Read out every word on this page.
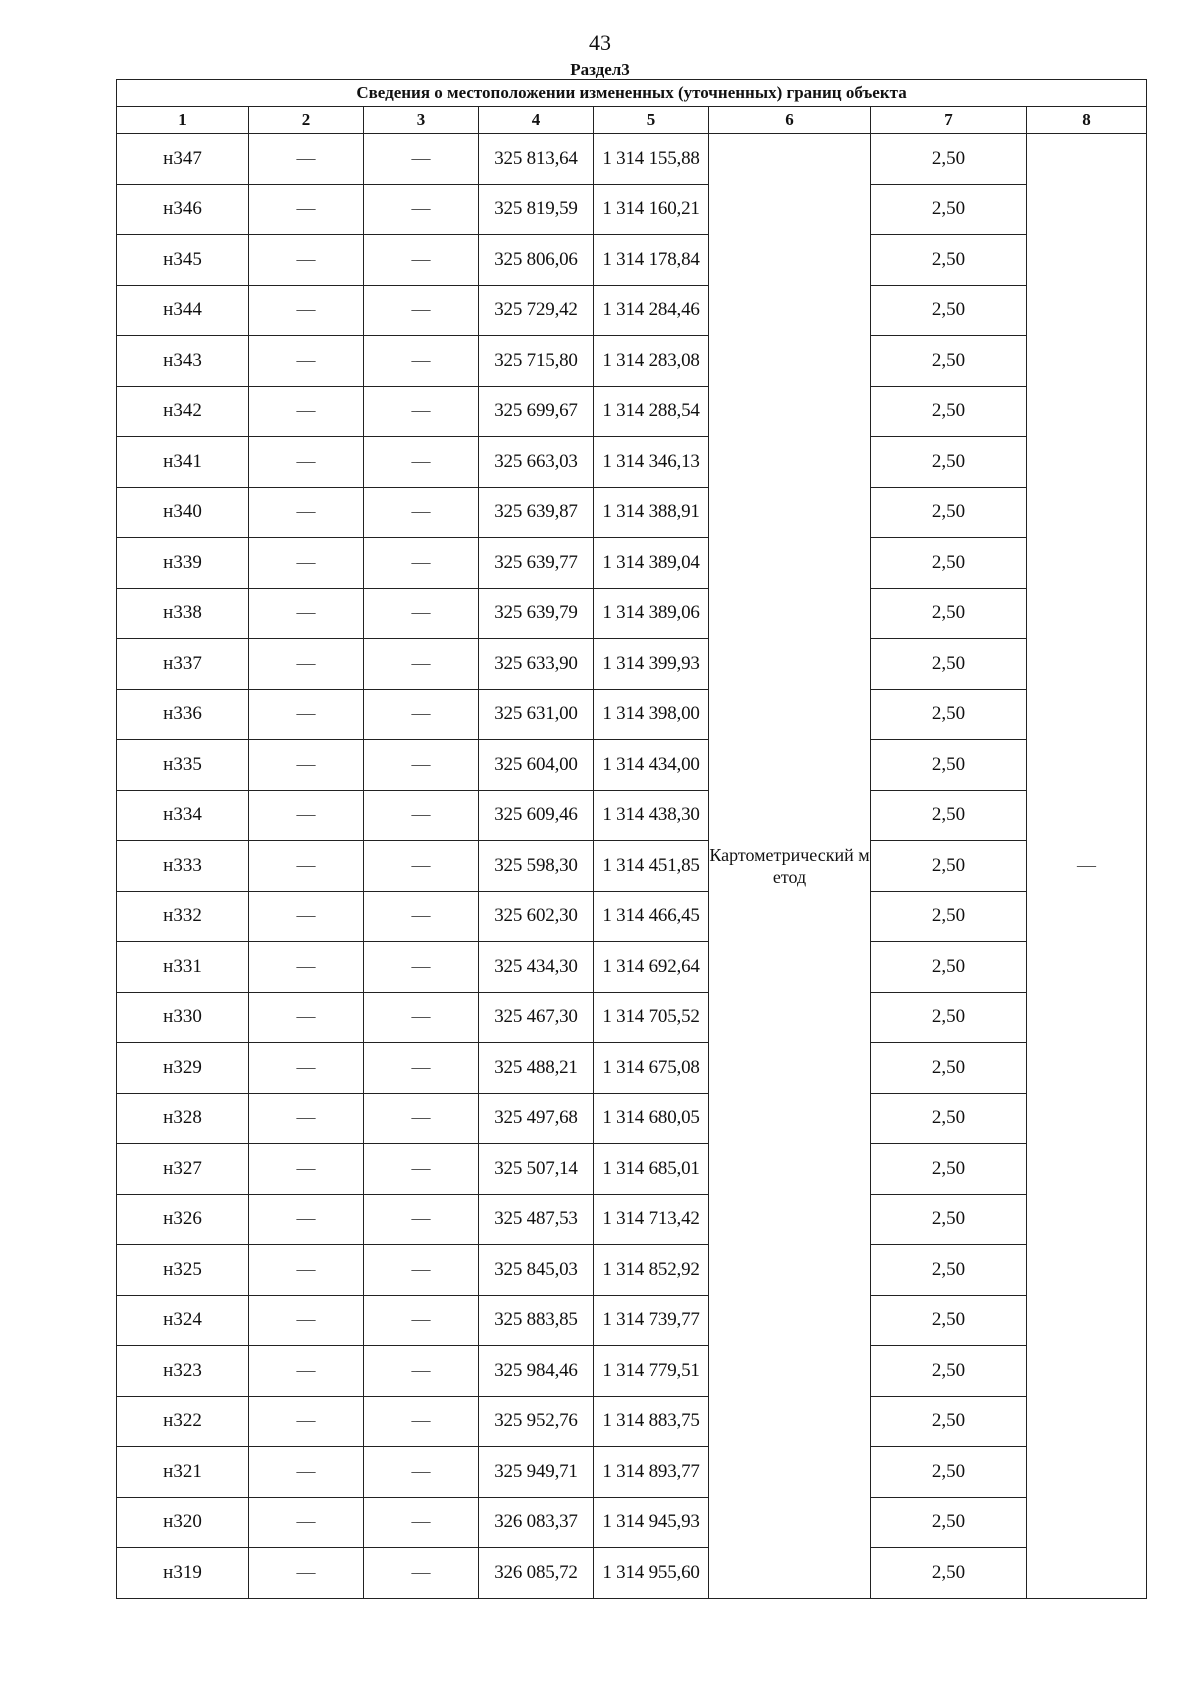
43
Раздел3
Сведения о местоположении измененных (уточненных) границ объекта							
1	2	3	4	5	6	7	8
н347	—	—	325 813,64	1 314 155,88	Картометрический метод	2,50	—
н346	—	—	325 819,59	1 314 160,21		2,50	
н345	—	—	325 806,06	1 314 178,84		2,50	
н344	—	—	325 729,42	1 314 284,46		2,50	
н343	—	—	325 715,80	1 314 283,08		2,50	
н342	—	—	325 699,67	1 314 288,54		2,50	
н341	—	—	325 663,03	1 314 346,13		2,50	
н340	—	—	325 639,87	1 314 388,91		2,50	
н339	—	—	325 639,77	1 314 389,04		2,50	
н338	—	—	325 639,79	1 314 389,06		2,50	
н337	—	—	325 633,90	1 314 399,93		2,50	
н336	—	—	325 631,00	1 314 398,00		2,50	
н335	—	—	325 604,00	1 314 434,00		2,50	
н334	—	—	325 609,46	1 314 438,30		2,50	
н333	—	—	325 598,30	1 314 451,85		2,50	
н332	—	—	325 602,30	1 314 466,45		2,50	
н331	—	—	325 434,30	1 314 692,64		2,50	
н330	—	—	325 467,30	1 314 705,52		2,50	
н329	—	—	325 488,21	1 314 675,08		2,50	
н328	—	—	325 497,68	1 314 680,05		2,50	
н327	—	—	325 507,14	1 314 685,01		2,50	
н326	—	—	325 487,53	1 314 713,42		2,50	
н325	—	—	325 845,03	1 314 852,92		2,50	
н324	—	—	325 883,85	1 314 739,77		2,50	
н323	—	—	325 984,46	1 314 779,51		2,50	
н322	—	—	325 952,76	1 314 883,75		2,50	
н321	—	—	325 949,71	1 314 893,77		2,50	
н320	—	—	326 083,37	1 314 945,93		2,50	
н319	—	—	326 085,72	1 314 955,60		2,50	
